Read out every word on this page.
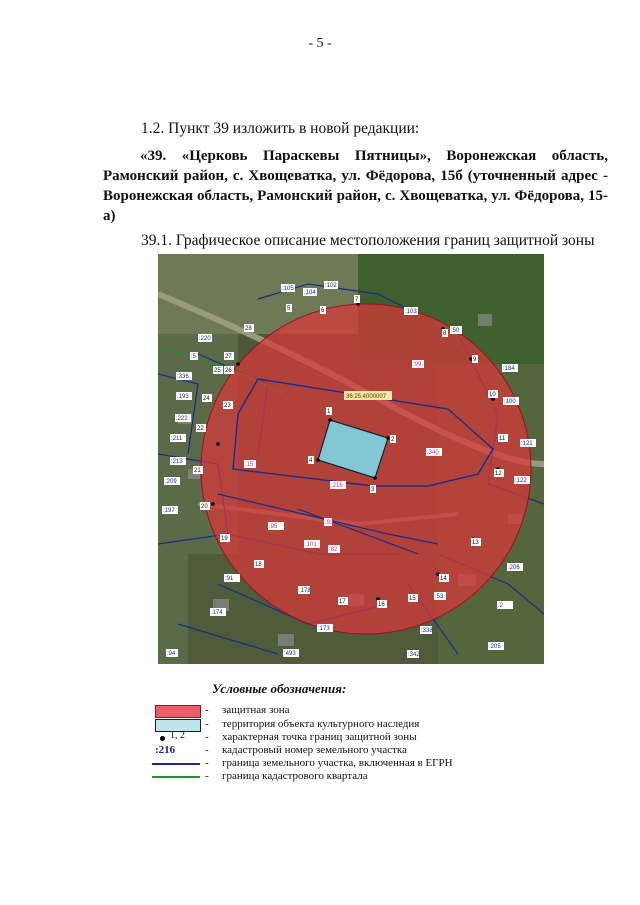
- 5 -
1.2. Пункт 39 изложить в новой редакции:
«39. «Церковь Параскевы Пятницы», Воронежская область, Рамонский район, с. Хвощеватка, ул. Фёдорова, 15б (уточненный адрес - Воронежская область, Рамонский район, с. Хвощеватка, ул. Фёдорова, 15-а)
39.1. Графическое описание местоположения границ защитной зоны
36:25:4000007
:105
:104
:102
:103
:50
:220
:5
:336
:193
:222
:211
:213
:209
:197
:184
:100
:121
:122
:206
:2
:205
:91
:178
:174
:173	:338
:53
:342
:493
:94
:99
:340
:216
:15
:95
:93
:101
:82
1
2
3
4
5	6
7
8
9
10
11
12
13
14
15
16
17
18
19
20
21
22
23
24
25 26
27
28
Условные обозначения:
- защитная зона
- территория объекта культурного наследия
1, 2 - характерная точка границ защитной зоны
:216	- кадастровый номер земельного участка
- граница земельного участка, включенная в ЕГРН
- граница кадастрового квартала
